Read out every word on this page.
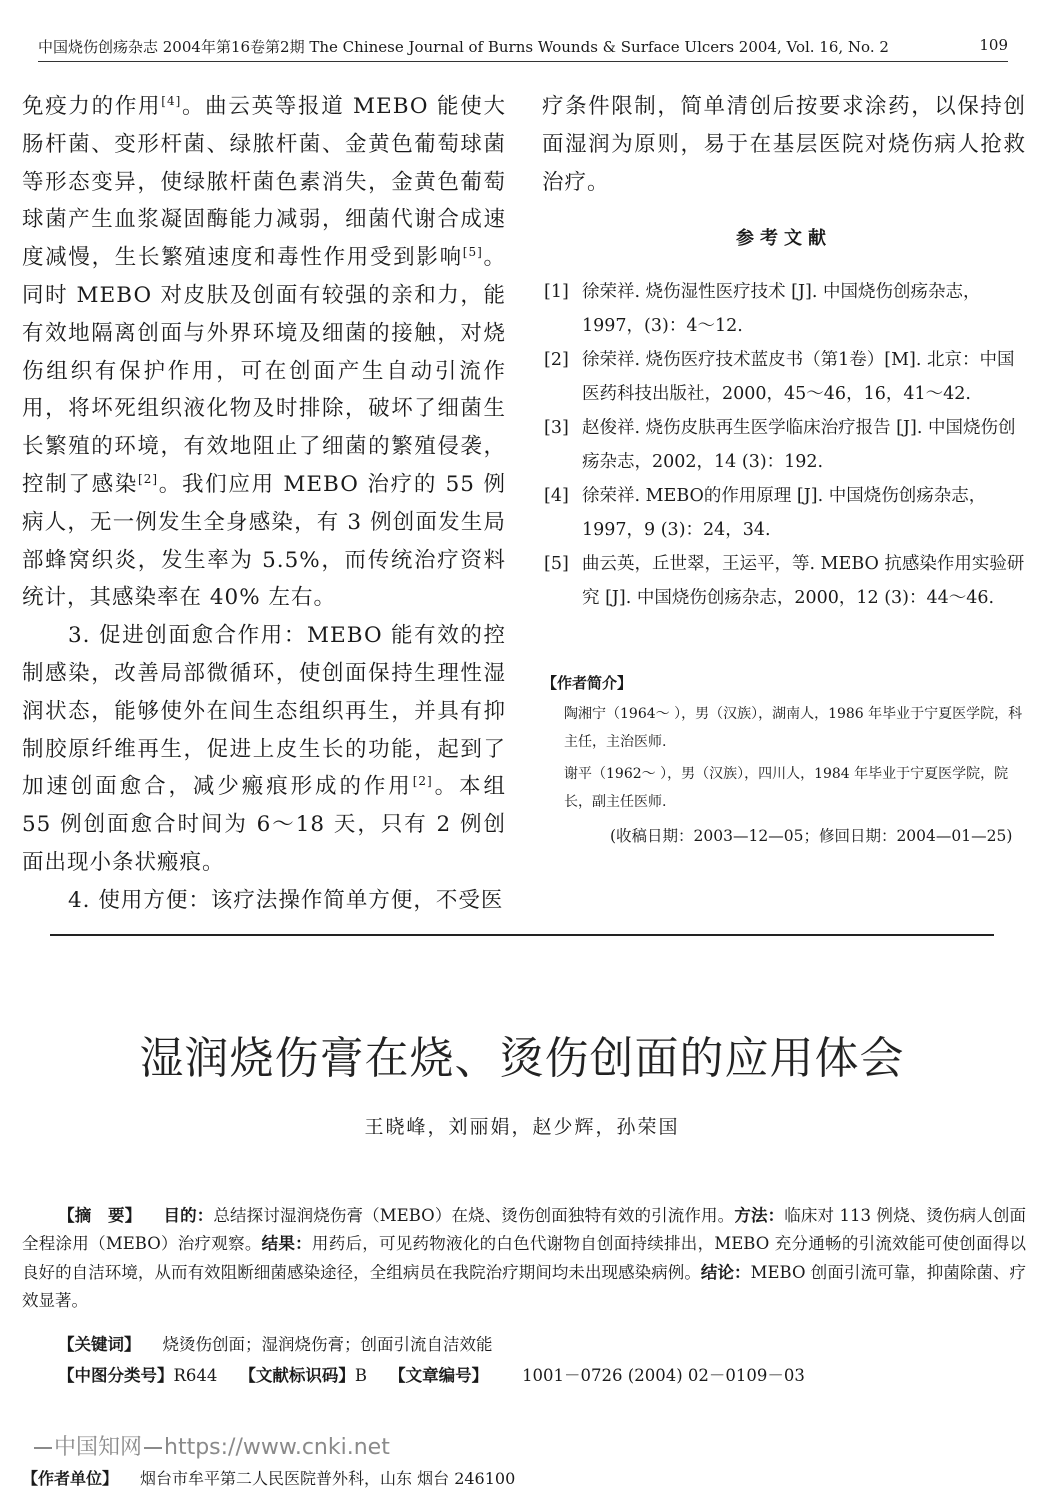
中国烧伤创疡杂志 2004年第16卷第2期 The Chinese Journal of Burns Wounds & Surface Ulcers 2004, Vol. 16, No. 2	109

免疫力的作用[4]。曲云英等报道 MEBO 能使大肠杆菌、变形杆菌、绿脓杆菌、金黄色葡萄球菌等形态变异，使绿脓杆菌色素消失，金黄色葡萄球菌产生血浆凝固酶能力减弱，细菌代谢合成速度减慢，生长繁殖速度和毒性作用受到影响[5]。同时 MEBO 对皮肤及创面有较强的亲和力，能有效地隔离创面与外界环境及细菌的接触，对烧伤组织有保护作用，可在创面产生自动引流作用，将坏死组织液化物及时排除，破坏了细菌生长繁殖的环境，有效地阻止了细菌的繁殖侵袭，控制了感染[2]。我们应用 MEBO 治疗的 55 例病人，无一例发生全身感染，有 3 例创面发生局部蜂窝织炎，发生率为 5.5%，而传统治疗资料统计，其感染率在 40% 左右。

3. 促进创面愈合作用：MEBO 能有效的控制感染，改善局部微循环，使创面保持生理性湿润状态，能够使外在间生态组织再生，并具有抑制胶原纤维再生，促进上皮生长的功能，起到了加速创面愈合，减少瘢痕形成的作用[2]。本组 55 例创面愈合时间为 6～18 天，只有 2 例创面出现小条状瘢痕。

4. 使用方便：该疗法操作简单方便，不受医

疗条件限制，简单清创后按要求涂药，以保持创面湿润为原则，易于在基层医院对烧伤病人抢救治疗。

参考文献
[1] 徐荣祥. 烧伤湿性医疗技术 [J]. 中国烧伤创疡杂志，1997，(3)：4～12.
[2] 徐荣祥. 烧伤医疗技术蓝皮书（第1卷）[M]. 北京：中国医药科技出版社，2000，45～46，16，41～42.
[3] 赵俊祥. 烧伤皮肤再生医学临床治疗报告 [J]. 中国烧伤创疡杂志，2002，14 (3)：192.
[4] 徐荣祥. MEBO的作用原理 [J]. 中国烧伤创疡杂志，1997，9 (3)：24，34.
[5] 曲云英，丘世翠，王运平，等. MEBO 抗感染作用实验研究 [J]. 中国烧伤创疡杂志，2000，12 (3)：44～46.
【作者简介】
陶湘宁（1964～ ），男（汉族），湖南人，1986 年毕业于宁夏医学院，科主任，主治医师.
谢平（1962～ ），男（汉族），四川人，1984 年毕业于宁夏医学院，院长，副主任医师.
(收稿日期：2003—12—05；修回日期：2004—01—25)
湿润烧伤膏在烧、烫伤创面的应用体会
王晓峰，刘丽娟，赵少辉，孙荣国
【摘　要】 目的：总结探讨湿润烧伤膏（MEBO）在烧、烫伤创面独特有效的引流作用。方法：临床对 113 例烧、烫伤病人创面全程涂用（MEBO）治疗观察。结果：用药后，可见药物液化的白色代谢物自创面持续排出，MEBO 充分通畅的引流效能可使创面得以良好的自洁环境，从而有效阻断细菌感染途径，全组病员在我院治疗期间均未出现感染病例。结论：MEBO 创面引流可靠，抑菌除菌、疗效显著。
【关键词】 烧烫伤创面；湿润烧伤膏；创面引流自洁效能
【中图分类号】R644 【文献标识码】B 【文章编号】 1001－0726 (2004) 02－0109－03
中国知网 https://www.cnki.net
【作者单位】 烟台市牟平第二人民医院普外科，山东 烟台 246100
